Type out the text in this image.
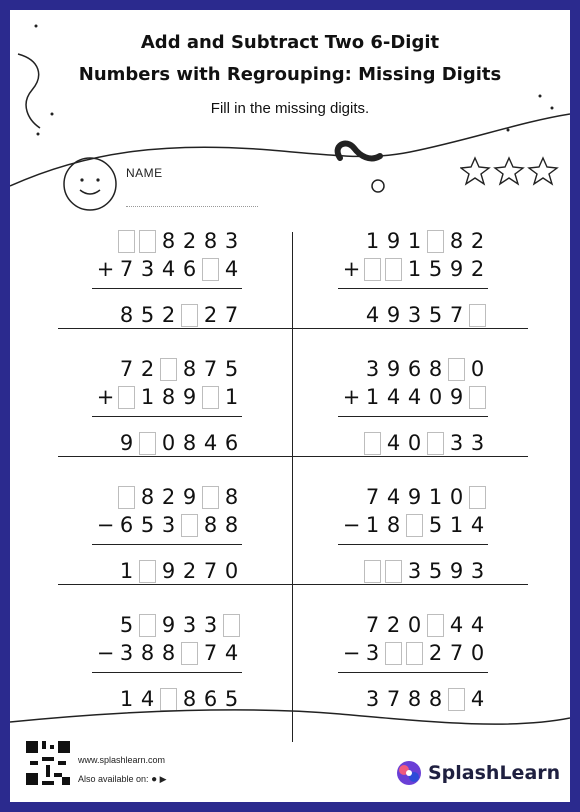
Add and Subtract Two 6-Digit
Numbers with Regrouping: Missing Digits
Fill in the missing digits.
NAME
8 2 8 3
+ 7 3 4 6 4
8 5 2 2 7
1 9 1 8 2
+ 1 5 9 2
4 9 3 5 7
7 2 8 7 5
+ 1 8 9 1
9 0 8 4 6
3 9 6 8 0
+ 1 4 4 0 9
4 0 3 3
8 2 9 8
− 6 5 3 8 8
1 9 2 7 0
7 4 9 1 0
− 1 8 5 1 4
3 5 9 3
5 9 3 3
− 3 8 8 7 4
1 4 8 6 5
7 2 0 4 4
− 3 2 7 0
3 7 8 8 4
www.splashlearn.com
Also available on: ● ▶	SplashLearn
